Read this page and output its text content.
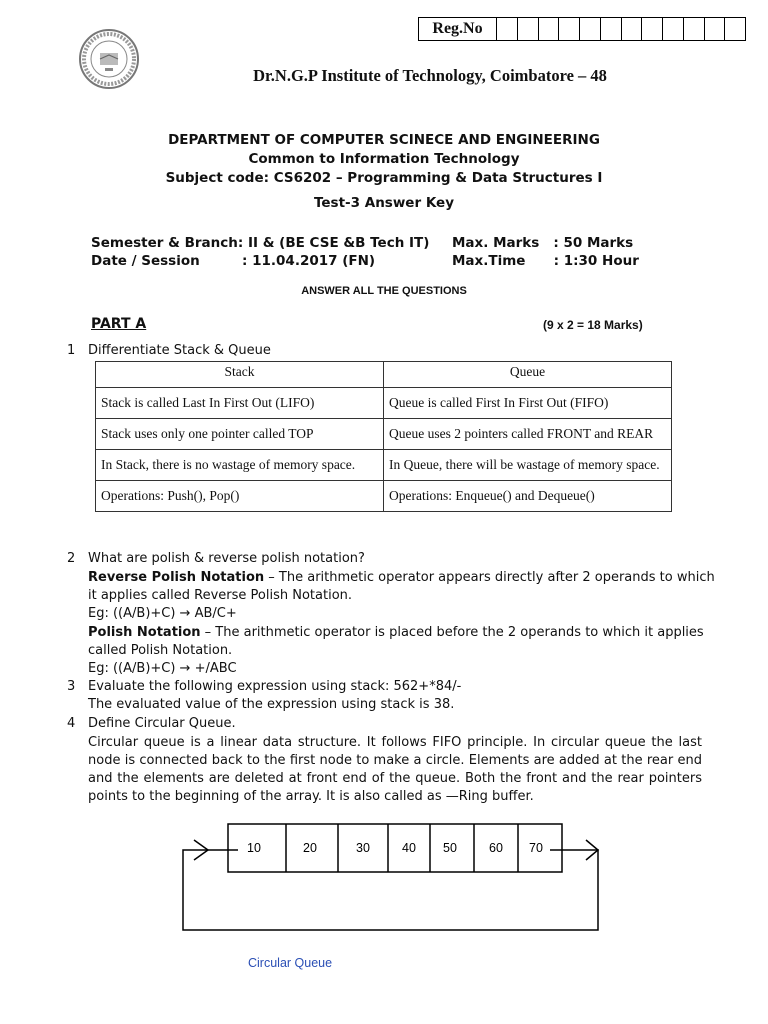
Reg.No
Dr.N.G.P Institute of Technology, Coimbatore – 48
DEPARTMENT OF COMPUTER SCINECE AND ENGINEERING
Common to Information Technology
Subject code: CS6202 – Programming & Data Structures I
Test-3 Answer Key
Semester & Branch: II & (BE CSE &B Tech IT)
Date / Session         : 11.04.2017 (FN)
Max. Marks   : 50 Marks
Max.Time      : 1:30 Hour
ANSWER ALL THE QUESTIONS
PART A	(9 x 2 = 18 Marks)
1 Differentiate Stack & Queue
Stack	Queue
Stack is called Last In First Out (LIFO)	Queue is called First In First Out (FIFO)
Stack uses only one pointer called TOP	Queue uses 2 pointers called FRONT and REAR
In Stack, there is no wastage of memory space.	In Queue, there will be wastage of memory space.
Operations: Push(), Pop()	Operations: Enqueue() and Dequeue()
2 What are polish & reverse polish notation?
Reverse Polish Notation – The arithmetic operator appears directly after 2 operands to which
it applies called Reverse Polish Notation.
Eg: ((A/B)+C) → AB/C+
Polish Notation – The arithmetic operator is placed before the 2 operands to which it applies
called Polish Notation.
Eg: ((A/B)+C) → +/ABC
3 Evaluate the following expression using stack: 562+*84/-
The evaluated value of the expression using stack is 38.
4 Define Circular Queue.
Circular queue is a linear data structure. It follows FIFO principle. In circular queue the last
node is connected back to the first node to make a circle. Elements are added at the rear end
and the elements are deleted at front end of the queue. Both the front and the rear pointers
points to the beginning of the array. It is also called as —Ring buffer.
10	20	30	40 50	60 70
Circular Queue
